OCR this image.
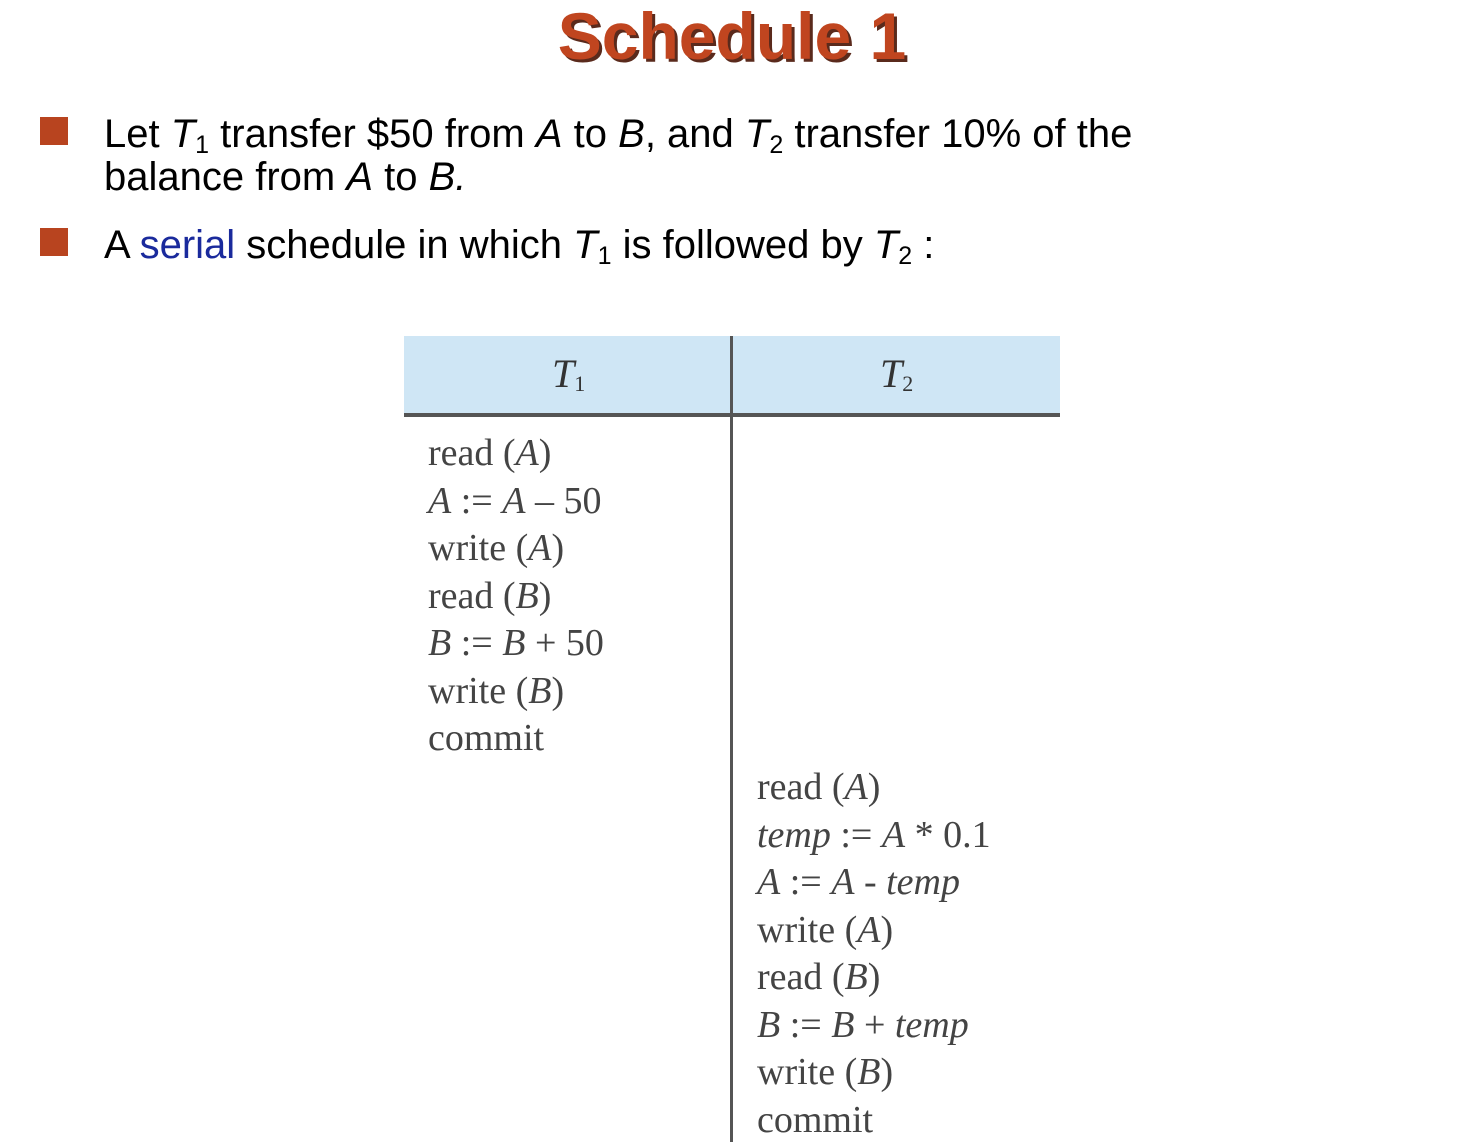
Schedule 1
Let $T_1$ transfer $50 from A to B, and $T_2$ transfer 10% of the
balance from A to B.
A serial schedule in which $T_1$ is followed by $T_2$ :
$T_1$	$T_2$
read (A)
A := A – 50
write (A)
read (B)
B := B + 50
write (B)
commit
read (A)
temp := A * 0.1
A := A - temp
write (A)
read (B)
B := B + temp
write (B)
commit
